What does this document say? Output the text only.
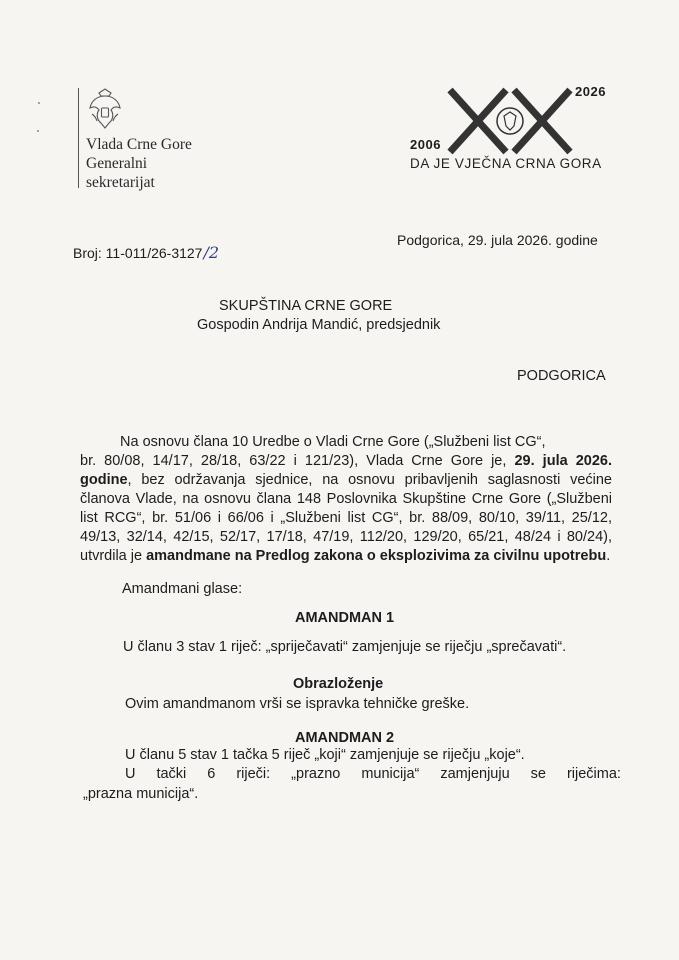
Vlada Crne Gore
Generalni
sekretarijat
2006
2026
DA JE VJEČNA CRNA GORA
Broj: 11-011/26-3127/2
Podgorica, 29. jula 2026. godine
SKUPŠTINA CRNE GORE
Gospodin Andrija Mandić, predsjednik
PODGORICA
Na osnovu člana 10 Uredbe o Vladi Crne Gore („Službeni list CG“,
br. 80/08, 14/17, 28/18, 63/22 i 121/23), Vlada Crne Gore je, 29. jula 2026. godine, bez održavanja sjednice, na osnovu pribavljenih saglasnosti većine članova Vlade, na osnovu člana 148 Poslovnika Skupštine Crne Gore („Službeni list RCG“, br. 51/06 i 66/06 i „Službeni list CG“, br. 88/09, 80/10, 39/11, 25/12, 49/13, 32/14, 42/15, 52/17, 17/18, 47/19, 112/20, 129/20, 65/21, 48/24 i 80/24), utvrdila je amandmane na Predlog zakona o eksplozivima za civilnu upotrebu.
Amandmani glase:
AMANDMAN 1
U članu 3 stav 1 riječ: „spriječavati“ zamjenjuje se riječju „sprečavati“.
Obrazloženje
Ovim amandmanom vrši se ispravka tehničke greške.
AMANDMAN 2
U članu 5 stav 1 tačka 5 riječ „koji“ zamjenjuje se riječju „koje“.
U tački 6 riječi: „prazno municija“ zamjenjuju se riječima:
„prazna municija“.
